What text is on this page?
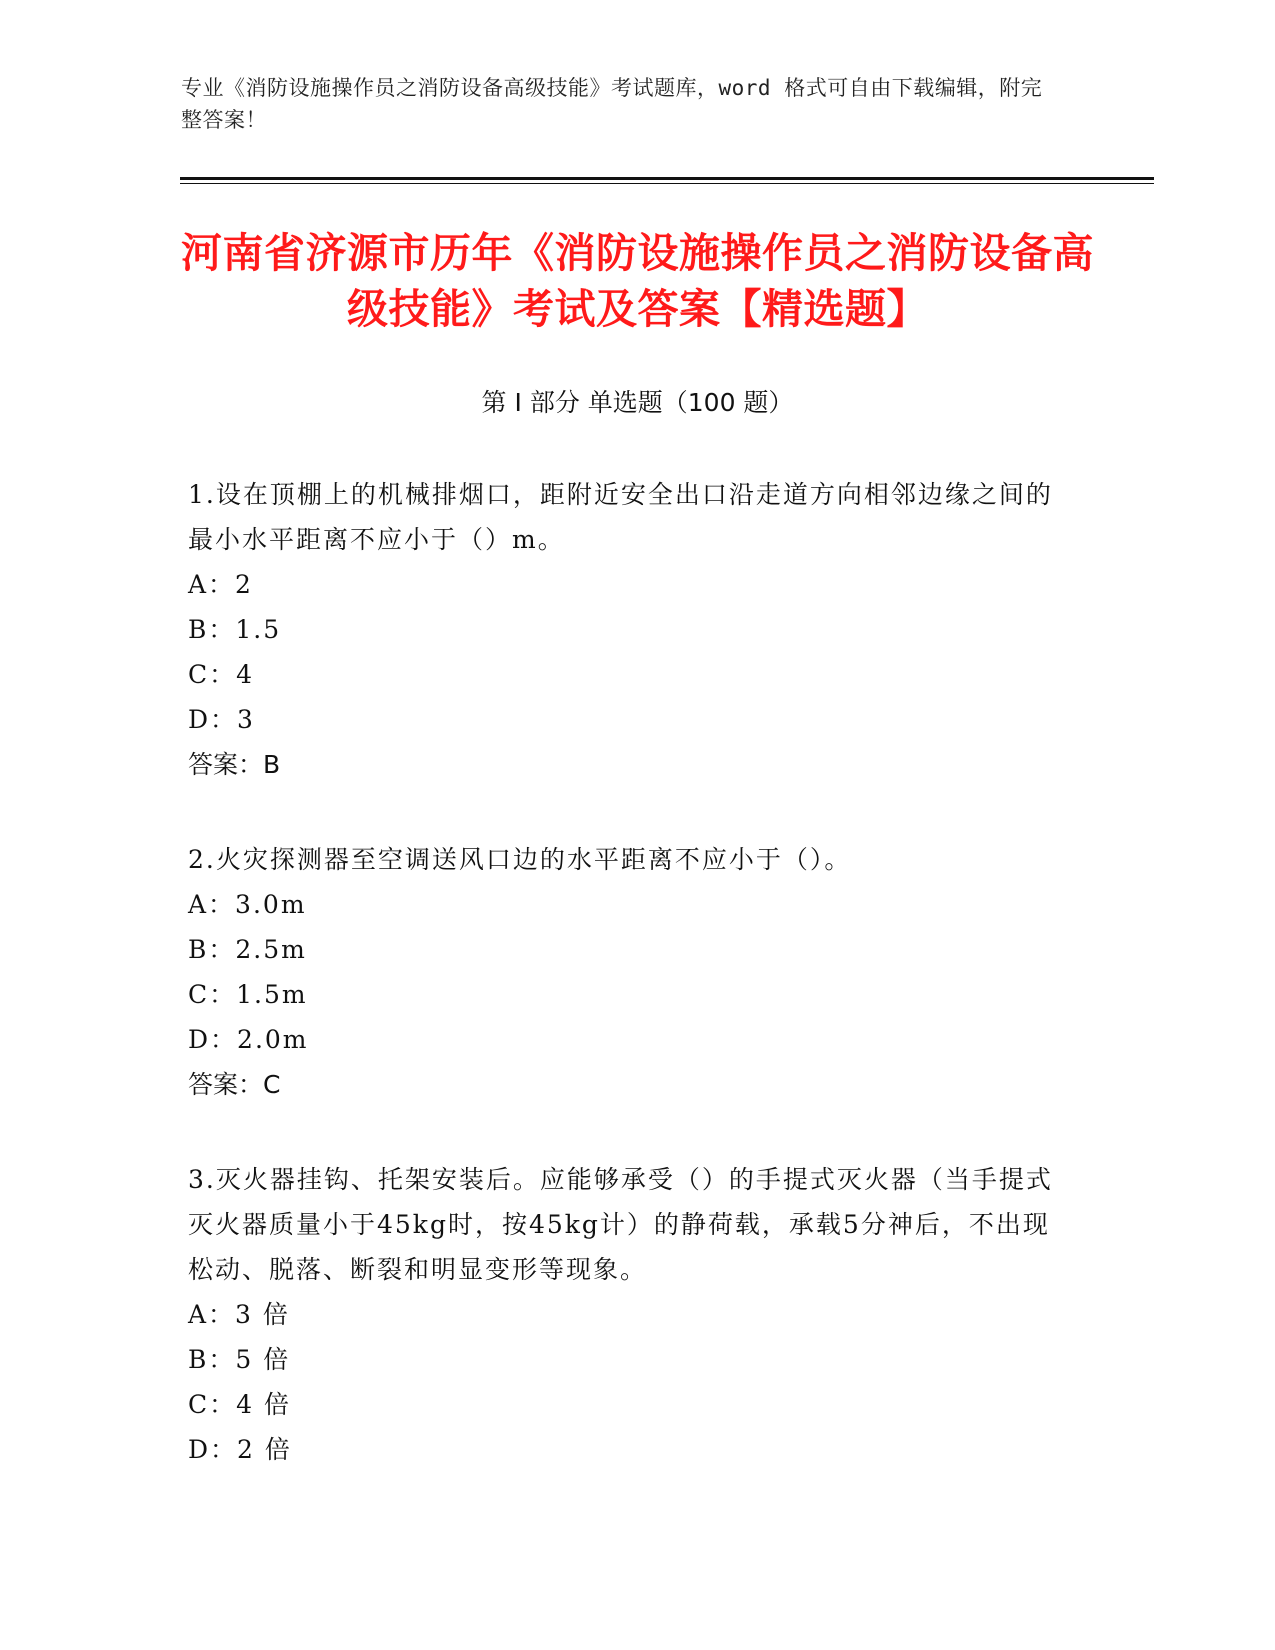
专业《消防设施操作员之消防设备高级技能》考试题库，word 格式可自由下载编辑，附完整答案！
河南省济源市历年《消防设施操作员之消防设备高级技能》考试及答案【精选题】
第 I 部分 单选题（100 题）

1.设在顶棚上的机械排烟口，距附近安全出口沿走道方向相邻边缘之间的最小水平距离不应小于（）m。

A：2

B：1.5

C：4

D：3

答案：B

2.火灾探测器至空调送风口边的水平距离不应小于（）。

A：3.0m

B：2.5m

C：1.5m

D：2.0m

答案：C

3.灭火器挂钩、托架安装后。应能够承受（）的手提式灭火器（当手提式灭火器质量小于45kg时，按45kg计）的静荷载，承载5分神后，不出现松动、脱落、断裂和明显变形等现象。

A：3 倍

B：5 倍

C：4 倍

D：2 倍
